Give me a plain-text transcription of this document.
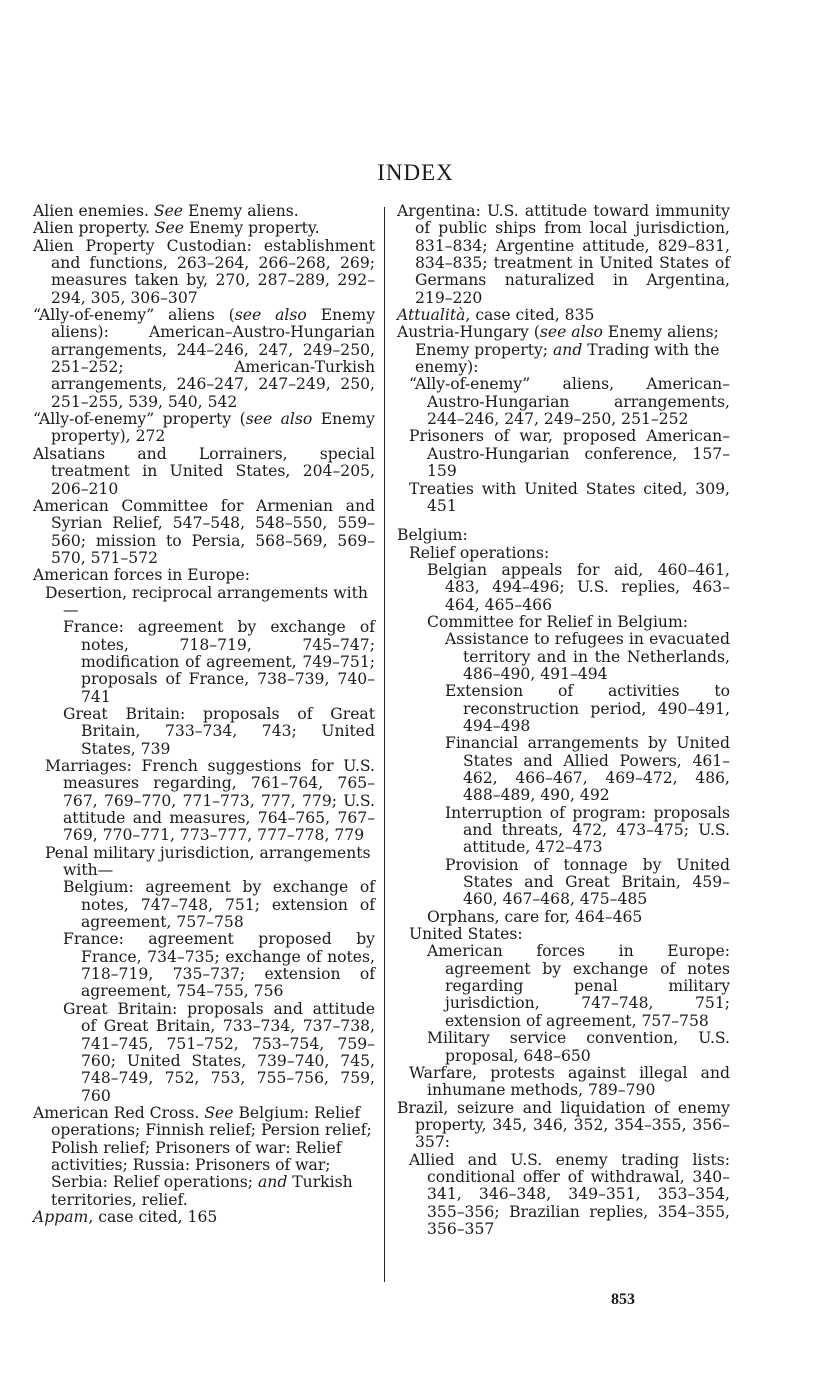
INDEX

Alien enemies. See Enemy aliens.

Alien property. See Enemy property.

Alien Property Custodian: establishment and functions, 263–264, 266–268, 269; measures taken by, 270, 287–289, 292–294, 305, 306–307

“Ally-of-enemy” aliens (see also Enemy aliens): American–Austro-Hungarian arrangements, 244–246, 247, 249–250, 251–252; American-Turkish arrangements, 246–247, 247–249, 250, 251–255, 539, 540, 542

“Ally-of-enemy” property (see also Enemy property), 272

Alsatians and Lorrainers, special treatment in United States, 204–205, 206–210

American Committee for Armenian and Syrian Relief, 547–548, 548–550, 559–560; mission to Persia, 568–569, 569–570, 571–572

American forces in Europe:

Desertion, reciprocal arrangements with—

France: agreement by exchange of notes, 718–719, 745–747; modification of agreement, 749–751; proposals of France, 738–739, 740–741

Great Britain: proposals of Great Britain, 733–734, 743; United States, 739

Marriages: French suggestions for U.S. measures regarding, 761–764, 765–767, 769–770, 771–773, 777, 779; U.S. attitude and measures, 764–765, 767–769, 770–771, 773–777, 777–778, 779

Penal military jurisdiction, arrangements with—

Belgium: agreement by exchange of notes, 747–748, 751; extension of agreement, 757–758

France: agreement proposed by France, 734–735; exchange of notes, 718–719, 735–737; extension of agreement, 754–755, 756

Great Britain: proposals and attitude of Great Britain, 733–734, 737–738, 741–745, 751–752, 753–754, 759–760; United States, 739–740, 745, 748–749, 752, 753, 755–756, 759, 760

American Red Cross. See Belgium: Relief operations; Finnish relief; Persion relief; Polish relief; Prisoners of war: Relief activities; Russia: Prisoners of war; Serbia: Relief operations; and Turkish territories, relief.

Appam, case cited, 165

Argentina: U.S. attitude toward immunity of public ships from local jurisdiction, 831–834; Argentine attitude, 829–831, 834–835; treatment in United States of Germans naturalized in Argentina, 219–220

Attualità, case cited, 835

Austria-Hungary (see also Enemy aliens; Enemy property; and Trading with the enemy):

“Ally-of-enemy” aliens, American–Austro-Hungarian arrangements, 244–246, 247, 249–250, 251–252

Prisoners of war, proposed American–Austro-Hungarian conference, 157–159

Treaties with United States cited, 309, 451

Belgium:

Relief operations:

Belgian appeals for aid, 460–461, 483, 494–496; U.S. replies, 463–464, 465–466

Committee for Relief in Belgium:

Assistance to refugees in evacuated territory and in the Netherlands, 486–490, 491–494

Extension of activities to reconstruction period, 490–491, 494–498

Financial arrangements by United States and Allied Powers, 461–462, 466–467, 469–472, 486, 488–489, 490, 492

Interruption of program: proposals and threats, 472, 473–475; U.S. attitude, 472–473

Provision of tonnage by United States and Great Britain, 459–460, 467–468, 475–485

Orphans, care for, 464–465

United States:

American forces in Europe: agreement by exchange of notes regarding penal military jurisdiction, 747–748, 751; extension of agreement, 757–758

Military service convention, U.S. proposal, 648–650

Warfare, protests against illegal and inhumane methods, 789–790

Brazil, seizure and liquidation of enemy property, 345, 346, 352, 354–355, 356–357:

Allied and U.S. enemy trading lists: conditional offer of withdrawal, 340–341, 346–348, 349–351, 353–354, 355–356; Brazilian replies, 354–355, 356–357

853
